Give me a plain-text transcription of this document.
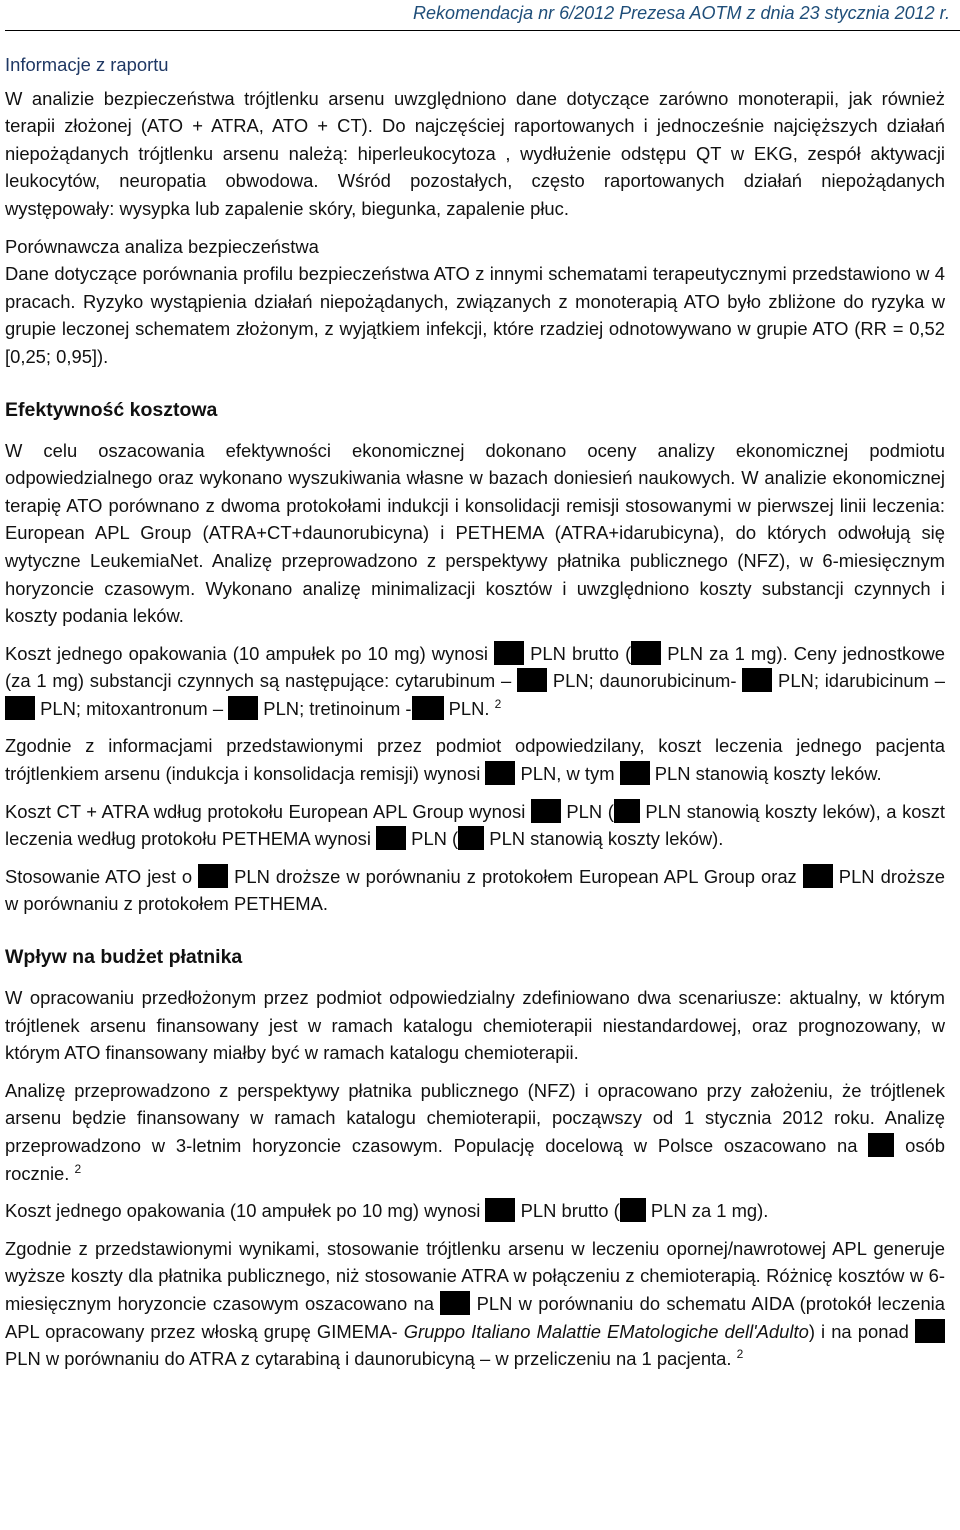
Rekomendacja nr 6/2012 Prezesa AOTM z dnia 23 stycznia 2012 r.
Informacje z raportu

W analizie bezpieczeństwa trójtlenku arsenu uwzględniono dane dotyczące zarówno monoterapii, jak również terapii złożonej (ATO + ATRA, ATO + CT). Do najczęściej raportowanych i jednocześnie najcięższych działań niepożądanych trójtlenku arsenu należą: hiperleukocytoza , wydłużenie odstępu QT w EKG, zespół aktywacji leukocytów, neuropatia obwodowa. Wśród pozostałych, często raportowanych działań niepożądanych występowały: wysypka lub zapalenie skóry, biegunka, zapalenie płuc.

Porównawcza analiza bezpieczeństwa

Dane dotyczące porównania profilu bezpieczeństwa ATO z innymi schematami terapeutycznymi przedstawiono w 4 pracach. Ryzyko wystąpienia działań niepożądanych, związanych z monoterapią ATO było zbliżone do ryzyka w grupie leczonej schematem złożonym, z wyjątkiem infekcji, które rzadziej odnotowywano w grupie ATO (RR = 0,52 [0,25; 0,95]).

Efektywność kosztowa

W celu oszacowania efektywności ekonomicznej dokonano oceny analizy ekonomicznej podmiotu odpowiedzialnego oraz wykonano wyszukiwania własne w bazach doniesień naukowych. W analizie ekonomicznej terapię ATO porównano z dwoma protokołami indukcji i konsolidacji remisji stosowanymi w pierwszej linii leczenia: European APL Group (ATRA+CT+daunorubicyna) i PETHEMA (ATRA+idarubicyna), do których odwołują się wytyczne LeukemiaNet. Analizę przeprowadzono z perspektywy płatnika publicznego (NFZ), w 6-miesięcznym horyzoncie czasowym. Wykonano analizę minimalizacji kosztów i uwzględniono koszty substancji czynnych i koszty podania leków.

Koszt jednego opakowania (10 ampułek po 10 mg) wynosi  PLN brutto ( PLN za 1 mg). Ceny jednostkowe (za 1 mg) substancji czynnych są następujące: cytarubinum –  PLN; daunorubicinum-  PLN; idarubicinum –  PLN; mitoxantronum –  PLN; tretinoinum - PLN. $^2$

Zgodnie z informacjami przedstawionymi przez podmiot odpowiedzilany, koszt leczenia jednego pacjenta trójtlenkiem arsenu (indukcja i konsolidacja remisji) wynosi  PLN, w tym  PLN stanowią koszty leków.

Koszt CT + ATRA wdług protokołu European APL Group wynosi  PLN ( PLN stanowią koszty leków), a koszt leczenia według protokołu PETHEMA wynosi  PLN ( PLN stanowią koszty leków).

Stosowanie ATO jest o  PLN droższe w porównaniu z protokołem European APL Group oraz  PLN droższe w porównaniu z protokołem PETHEMA.

Wpływ na budżet płatnika

W opracowaniu przedłożonym przez podmiot odpowiedzialny zdefiniowano dwa scenariusze: aktualny, w którym trójtlenek arsenu finansowany jest w ramach katalogu chemioterapii niestandardowej, oraz prognozowany, w którym ATO finansowany miałby być w ramach katalogu chemioterapii.

Analizę przeprowadzono z perspektywy płatnika publicznego (NFZ) i opracowano przy założeniu, że trójtlenek arsenu będzie finansowany w ramach katalogu chemioterapii, począwszy od 1 stycznia 2012 roku. Analizę przeprowadzono w 3-letnim horyzoncie czasowym. Populację docelową w Polsce oszacowano na  osób rocznie. $^2$

Koszt jednego opakowania (10 ampułek po 10 mg) wynosi  PLN brutto ( PLN za 1 mg).

Zgodnie z przedstawionymi wynikami, stosowanie trójtlenku arsenu w leczeniu opornej/nawrotowej APL generuje wyższe koszty dla płatnika publicznego, niż stosowanie ATRA w połączeniu z chemioterapią. Różnicę kosztów w 6-miesięcznym horyzoncie czasowym oszacowano na  PLN w porównaniu do schematu AIDA (protokół leczenia APL opracowany przez włoską grupę GIMEMA- Gruppo Italiano Malattie EMatologiche dell'Adulto) i na ponad  PLN w porównaniu do ATRA z cytarabiną i daunorubicyną – w przeliczeniu na 1 pacjenta. $^2$
